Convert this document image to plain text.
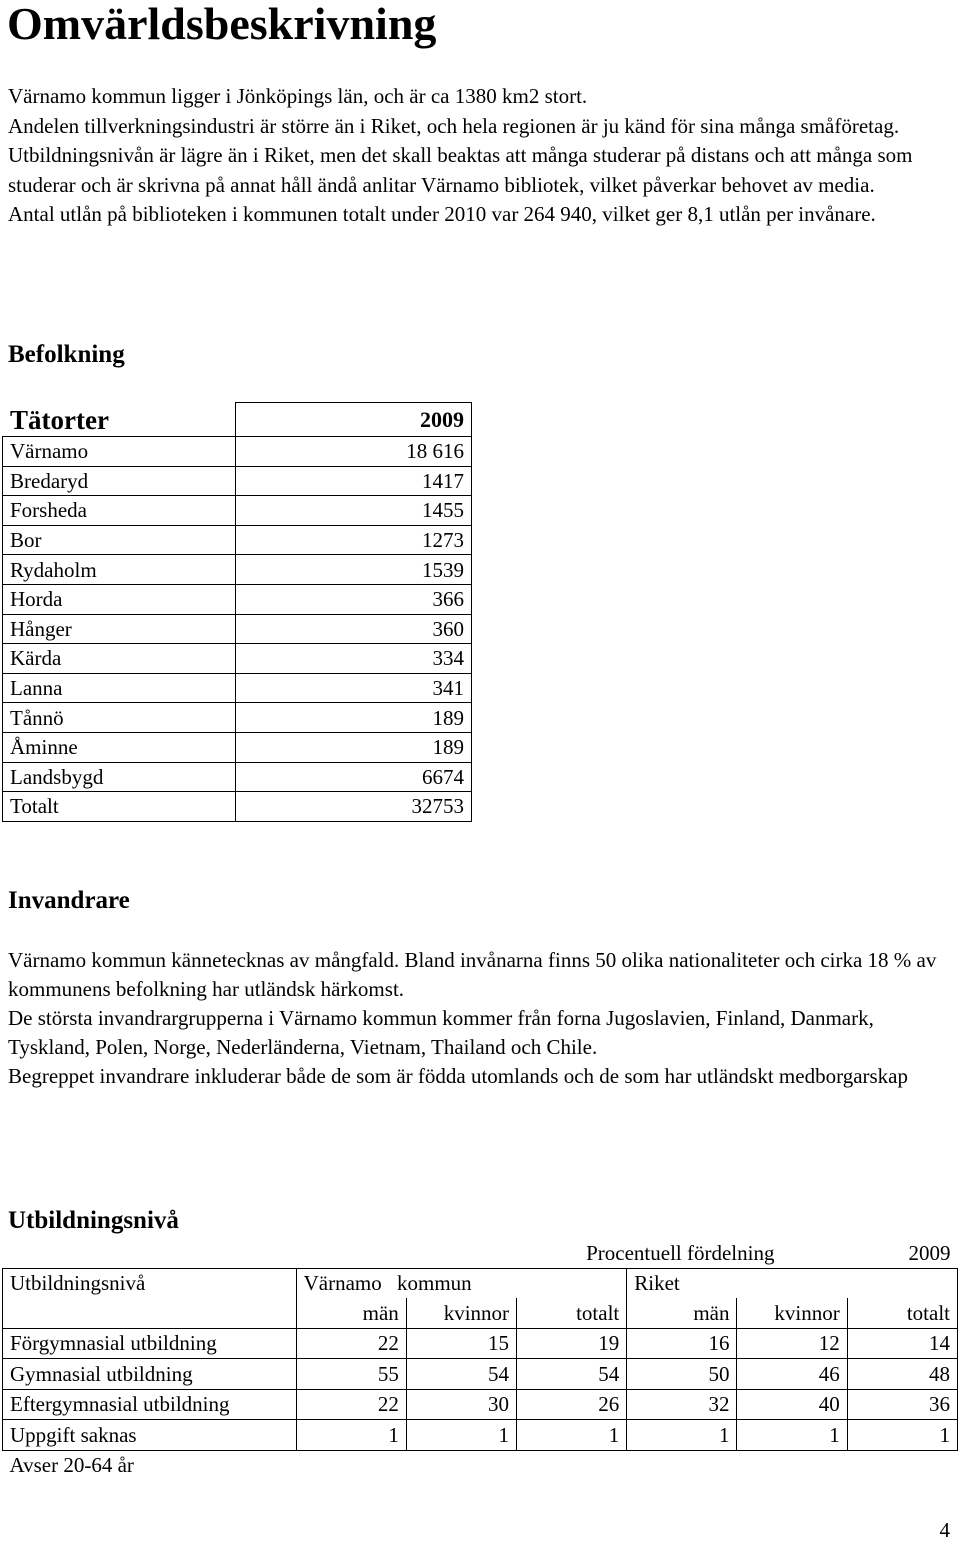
Omvärldsbeskrivning

Värnamo kommun ligger i Jönköpings län, och är ca 1380 km2 stort.

Andelen tillverkningsindustri är större än i Riket, och hela regionen är ju känd för sina många småföretag. Utbildningsnivån är lägre än i Riket, men det skall beaktas att många studerar på distans och att många som studerar och är skrivna på annat håll ändå anlitar Värnamo bibliotek, vilket påverkar behovet av media.

Antal utlån på biblioteken i kommunen totalt under 2010 var 264 940, vilket ger 8,1 utlån per invånare.

Befolkning
Tätorter	2009
Värnamo	18 616
Bredaryd	1417
Forsheda	1455
Bor	1273
Rydaholm	1539
Horda	366
Hånger	360
Kärda	334
Lanna	341
Tånnö	189
Åminne	189
Landsbygd	6674
Totalt	32753
Invandrare

Värnamo kommun kännetecknas av mångfald. Bland invånarna finns 50 olika nationaliteter och cirka 18 % av kommunens befolkning har utländsk härkomst.

De största invandrargrupperna i Värnamo kommun kommer från forna Jugoslavien, Finland, Danmark, Tyskland, Polen, Norge, Nederländerna, Vietnam, Thailand och Chile.

Begreppet invandrare inkluderar både de som är födda utomlands och de som har utländskt medborgarskap

Utbildningsnivå
	Procentuell fördelning					2009
Utbildningsnivå	Värnamo kommun			Riket		
	män	kvinnor	totalt	män	kvinnor	totalt
Förgymnasial utbildning	22	15	19	16	12	14
Gymnasial utbildning	55	54	54	50	46	48
Eftergymnasial utbildning	22	30	26	32	40	36
Uppgift saknas	1	1	1	1	1	1
Avser 20-64 år						
4
